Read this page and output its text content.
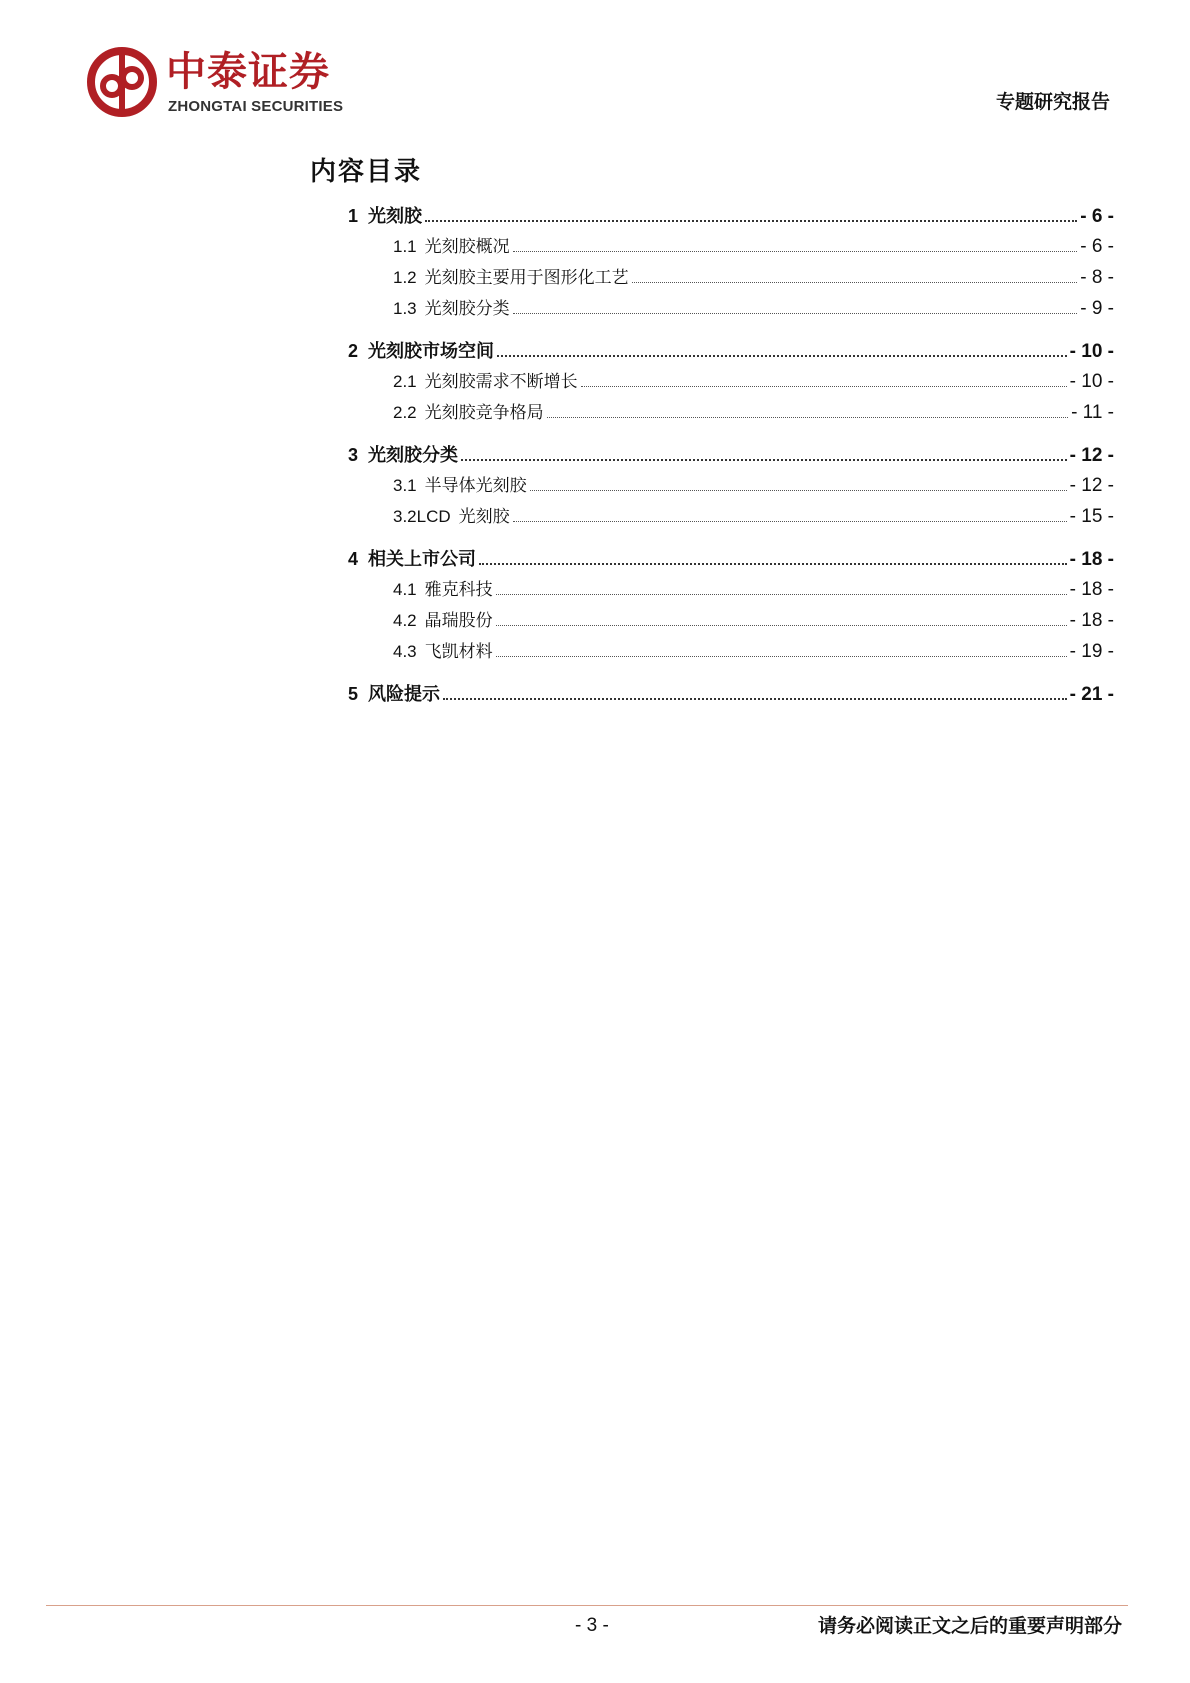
中泰证券
ZHONGTAI SECURITIES	专题研究报告
内容目录
1 光刻胶	- 6 -
1.1 光刻胶概况	- 6 -
1.2 光刻胶主要用于图形化工艺	- 8 -
1.3 光刻胶分类	- 9 -
2 光刻胶市场空间	- 10 -
2.1 光刻胶需求不断增长	- 10 -
2.2 光刻胶竞争格局	- 11 -
3 光刻胶分类	- 12 -
3.1 半导体光刻胶	- 12 -
3.2LCD 光刻胶	- 15 -
4 相关上市公司	- 18 -
4.1 雅克科技	- 18 -
4.2 晶瑞股份	- 18 -
4.3 飞凯材料	- 19 -
5 风险提示	- 21 -
- 3 -	请务必阅读正文之后的重要声明部分
